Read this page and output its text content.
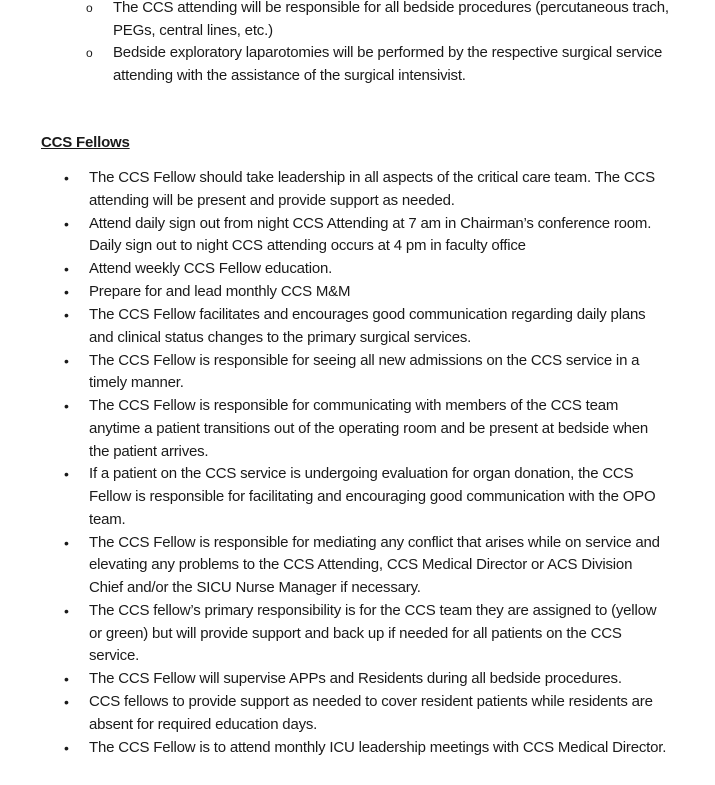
o The CCS attending will be responsible for all bedside procedures (percutaneous trach, PEGs, central lines, etc.)
o Bedside exploratory laparotomies will be performed by the respective surgical service attending with the assistance of the surgical intensivist.
CCS Fellows
• The CCS Fellow should take leadership in all aspects of the critical care team. The CCS attending will be present and provide support as needed.
• Attend daily sign out from night CCS Attending at 7 am in Chairman’s conference room. Daily sign out to night CCS attending occurs at 4 pm in faculty office
• Attend weekly CCS Fellow education.
• Prepare for and lead monthly CCS M&M
• The CCS Fellow facilitates and encourages good communication regarding daily plans and clinical status changes to the primary surgical services.
• The CCS Fellow is responsible for seeing all new admissions on the CCS service in a timely manner.
• The CCS Fellow is responsible for communicating with members of the CCS team anytime a patient transitions out of the operating room and be present at bedside when the patient arrives.
• If a patient on the CCS service is undergoing evaluation for organ donation, the CCS Fellow is responsible for facilitating and encouraging good communication with the OPO team.
• The CCS Fellow is responsible for mediating any conflict that arises while on service and elevating any problems to the CCS Attending, CCS Medical Director or ACS Division Chief and/or the SICU Nurse Manager if necessary.
• The CCS fellow’s primary responsibility is for the CCS team they are assigned to (yellow or green) but will provide support and back up if needed for all patients on the CCS service.
• The CCS Fellow will supervise APPs and Residents during all bedside procedures.
• CCS fellows to provide support as needed to cover resident patients while residents are absent for required education days.
• The CCS Fellow is to attend monthly ICU leadership meetings with CCS Medical Director.
